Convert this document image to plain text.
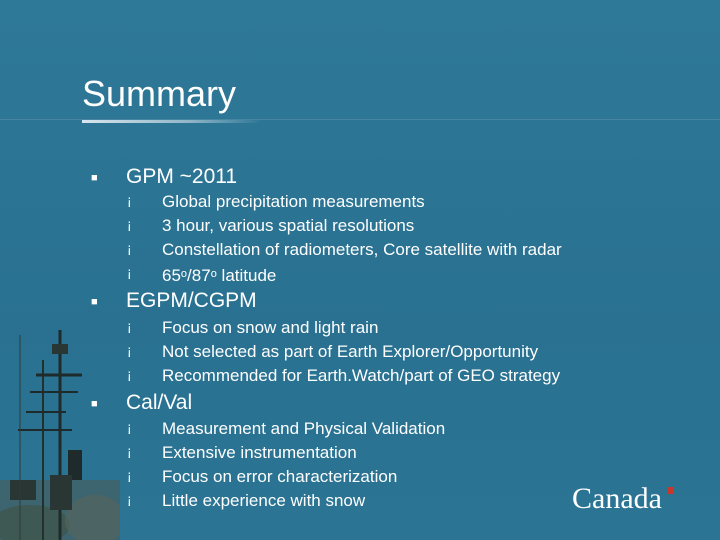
Summary
■ GPM ~2011
¡ Global precipitation measurements
¡ 3 hour, various spatial resolutions
¡ Constellation of radiometers, Core satellite with radar
¡ 65$^o$/87$^o$ latitude
■ EGPM/CGPM
¡ Focus on snow and light rain
¡ Not selected as part of Earth Explorer/Opportunity
¡ Recommended for Earth.Watch/part of GEO strategy
■ Cal/Val
¡ Measurement and Physical Validation
¡ Extensive instrumentation
¡ Focus on error characterization
¡ Little experience with snow	Canada
